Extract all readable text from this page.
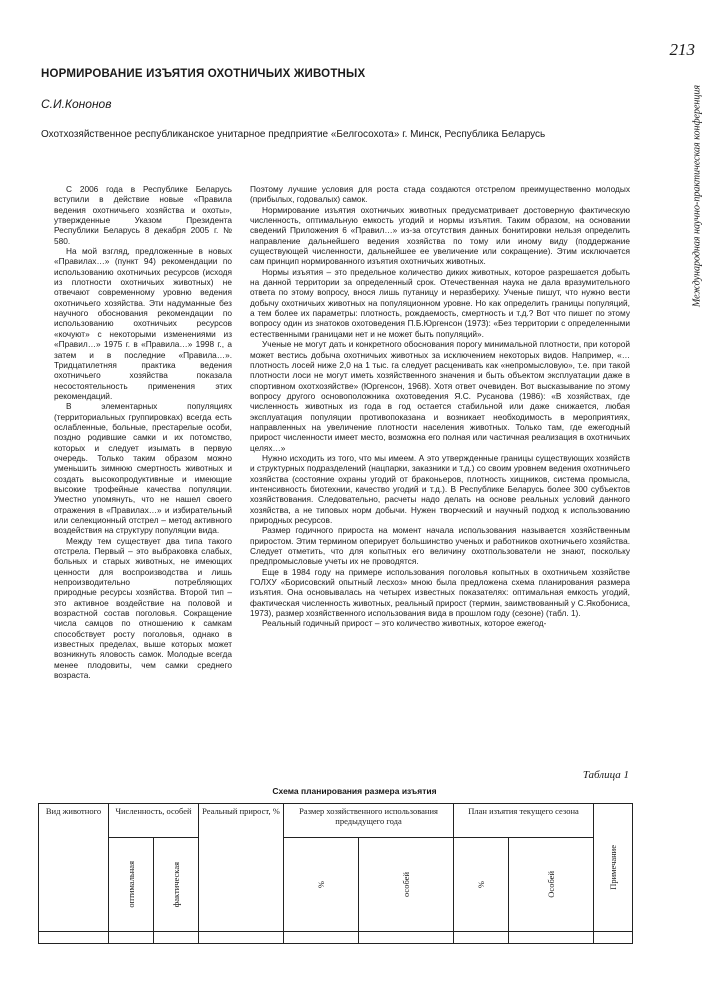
213
Международная научно-практическая конференция
НОРМИРОВАНИЕ ИЗЪЯТИЯ ОХОТНИЧЬИХ ЖИВОТНЫХ
С.И.Кононов
Охотхозяйственное республиканское унитарное предприятие «Белгосохота» г. Минск, Республика Беларусь

С 2006 года в Республике Беларусь вступили в действие новые «Правила ведения охотничьего хозяйства и охоты», утвержденные Указом Президента Республики Беларусь 8 декабря 2005 г. № 580.

На мой взгляд, предложенные в новых «Правилах…» (пункт 94) рекомендации по использованию охотничьих ресурсов (исходя из плотности охотничьих животных) не отвечают современному уровню ведения охотничьего хозяйства. Эти надуманные без научного обоснования рекомендации по использованию охотничьих ресурсов «кочуют» с некоторыми изменениями из «Правил…» 1975 г. в «Правила…» 1998 г., а затем и в последние «Правила…». Тридцатилетняя практика ведения охотничьего хозяйства показала несостоятельность применения этих рекомендаций.

В элементарных популяциях (территориальных группировках) всегда есть ослабленные, больные, престарелые особи, поздно родившие самки и их потомство, которых и следует изымать в первую очередь. Только таким образом можно уменьшить зимнюю смертность животных и создать высокопродуктивные и имеющие высокие трофейные качества популяции. Уместно упомянуть, что не нашел своего отражения в «Правилах…» и избирательный или селекционный отстрел – метод активного воздействия на структуру популяции вида.

Между тем существует два типа такого отстрела. Первый – это выбраковка слабых, больных и старых животных, не имеющих ценности для воспроизводства и лишь непроизводительно потребляющих природные ресурсы хозяйства. Второй тип – это активное воздействие на половой и возрастной состав поголовья. Сокращение числа самцов по отношению к самкам способствует росту поголовья, однако в известных пределах, выше которых может возникнуть яловость самок. Молодые всегда менее плодовиты, чем самки среднего возраста.

Поэтому лучшие условия для роста стада создаются отстрелом преимущественно молодых (прибылых, годовалых) самок.

Нормирование изъятия охотничьих животных предусматривает достоверную фактическую численность, оптимальную емкость угодий и нормы изъятия. Таким образом, на основании сведений Приложения 6 «Правил…» из-за отсутствия данных бонитировки нельзя определить направление дальнейшего ведения хозяйства по тому или иному виду (поддержание существующей численности, дальнейшее ее увеличение или сокращение). Этим исключается сам принцип нормированного изъятия охотничьих животных.

Нормы изъятия – это предельное количество диких животных, которое разрешается добыть на данной территории за определенный срок. Отечественная наука не дала вразумительного ответа по этому вопросу, внося лишь путаницу и неразбериху. Ученые пишут, что нужно вести добычу охотничьих животных на популяционном уровне. Но как определить границы популяций, а тем более их параметры: плотность, рождаемость, смертность и т.д.? Вот что пишет по этому вопросу один из знатоков охотоведения П.Б.Юргенсон (1973): «Без территории с определенными естественными границами нет и не может быть популяций».

Ученые не могут дать и конкретного обоснования порогу минимальной плотности, при которой может вестись добыча охотничьих животных за исключением некоторых видов. Например, «…плотность лосей ниже 2,0 на 1 тыс. га следует расценивать как «непромысловую», т.е. при такой плотности лоси не могут иметь хозяйственного значения и быть объектом эксплуатации даже в спортивном охотхозяйстве» (Юргенсон, 1968). Хотя ответ очевиден. Вот высказывание по этому вопросу другого основоположника охотоведения Я.С. Русанова (1986): «В хозяйствах, где численность животных из года в год остается стабильной или даже снижается, любая эксплуатация популяции противопоказана и возникает необходимость в мероприятиях, направленных на увеличение плотности населения животных. Только там, где ежегодный прирост численности имеет место, возможна его полная или частичная реализация в охотничьих целях…»

Нужно исходить из того, что мы имеем. А это утвержденные границы существующих хозяйств и структурных подразделений (нацпарки, заказники и т.д.) со своим уровнем ведения охотничьего хозяйства (состояние охраны угодий от браконьеров, плотность хищников, система промысла, интенсивность биотехнии, качество угодий и т.д.). В Республике Беларусь более 300 субъектов хозяйствования. Следовательно, расчеты надо делать на основе реальных условий данного хозяйства, а не типовых норм добычи. Нужен творческий и научный подход к использованию природных ресурсов.

Размер годичного прироста на момент начала использования называется хозяйственным приростом. Этим термином оперирует большинство ученых и работников охотничьего хозяйства. Следует отметить, что для копытных его величину охотпользователи не знают, поскольку предпромысловые учеты их не проводятся.

Еще в 1984 году на примере использования поголовья копытных в охотничьем хозяйстве ГОЛХУ «Борисовский опытный лесхоз» мною была предложена схема планирования размера изъятия. Она основывалась на четырех известных показателях: оптимальная емкость угодий, фактическая численность животных, реальный прирост (термин, заимствованный у С.Якобониса, 1973), размер хозяйственного использования вида в прошлом году (сезоне) (табл. 1).

Реальный годичный прирост – это количество животных, которое ежегод-

Таблица 1
Схема планирования размера изъятия
Вид животного	Численность, особей		Реальный прирост, %	Размер хозяйственного использования предыдущего года		План изъятия текущего сезона		Примечание

	оптимальная	фактическая		%	особей	%	Особей	
